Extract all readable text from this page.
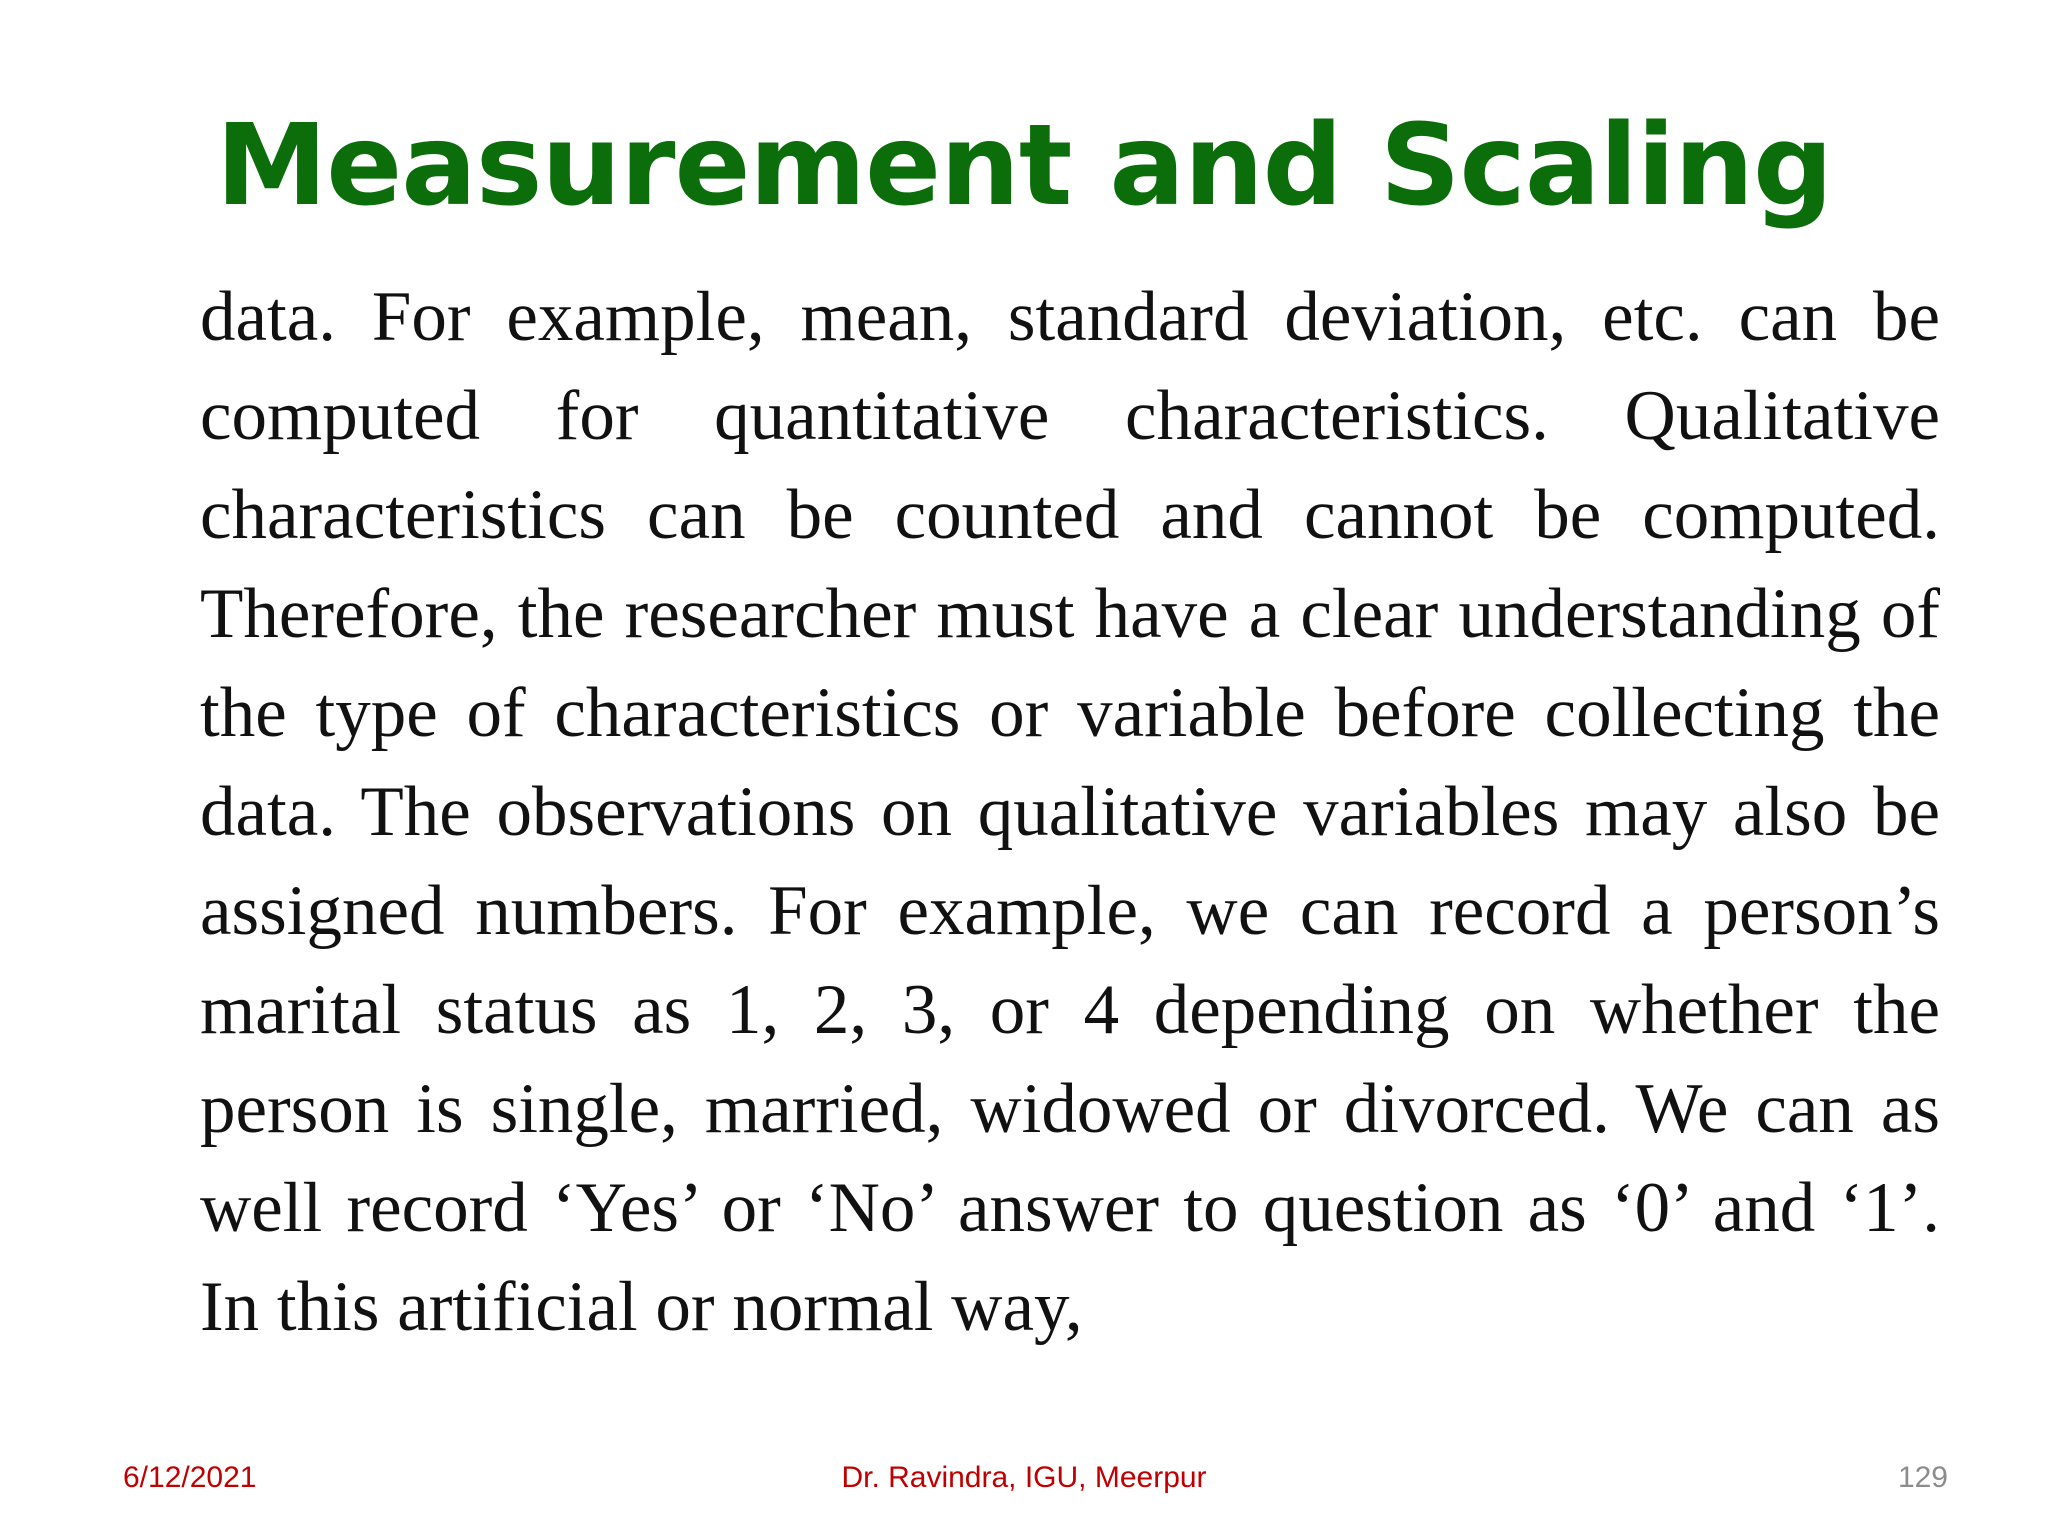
Measurement and Scaling

data. For example, mean, standard deviation, etc. can be computed for quantitative characteristics. Qualitative characteristics can be counted and cannot be computed. Therefore, the researcher must have a clear understanding of the type of characteristics or variable before collecting the data. The observations on qualitative variables may also be assigned numbers. For example, we can record a person’s marital status as 1, 2, 3, or 4 depending on whether the person is single, married, widowed or divorced. We can as well record ‘Yes’ or ‘No’ answer to question as ‘0’ and ‘1’. In this artificial or normal way,

Dr. Ravindra, IGU, Meerpur
6/12/2021	129
